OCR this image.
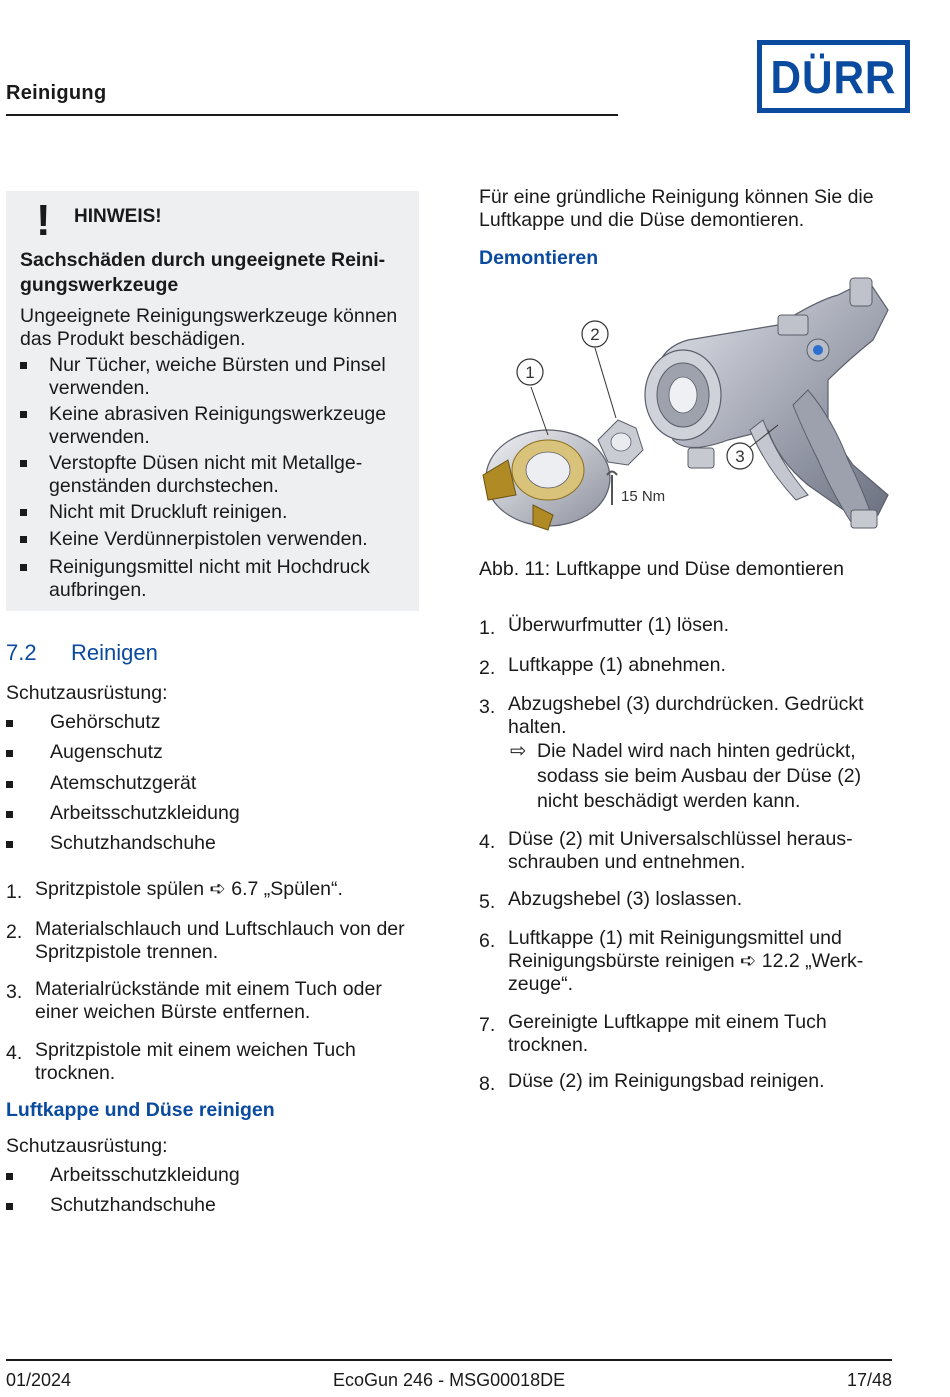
Reinigung	DÜRR
! HINWEIS!
Sachschäden durch ungeeignete Reinigungswerkzeuge
Ungeeignete Reinigungswerkzeuge können das Produkt beschädigen.
Nur Tücher, weiche Bürsten und Pinsel verwenden.
Keine abrasiven Reinigungswerkzeuge verwenden.
Verstopfte Düsen nicht mit Metallgegenständen durchstechen.
Nicht mit Druckluft reinigen.
Keine Verdünnerpistolen verwenden.
Reinigungsmittel nicht mit Hochdruck aufbringen.
7.2 Reinigen
Schutzausrüstung:
Gehörschutz
Augenschutz
Atemschutzgerät
Arbeitsschutzkleidung
Schutzhandschuhe
1. Spritzpistole spülen ➪ 6.7 „Spülen“.
2. Materialschlauch und Luftschlauch von der Spritzpistole trennen.
3. Materialrückstände mit einem Tuch oder einer weichen Bürste entfernen.
4. Spritzpistole mit einem weichen Tuch trocknen.
Luftkappe und Düse reinigen
Schutzausrüstung:
Arbeitsschutzkleidung
Schutzhandschuhe
Für eine gründliche Reinigung können Sie die Luftkappe und die Düse demontieren.
Demontieren
15 Nm
1
2
3
Abb. 11: Luftkappe und Düse demontieren
1. Überwurfmutter (1) lösen.
2. Luftkappe (1) abnehmen.
3. Abzugshebel (3) durchdrücken. Gedrückt halten.
⇨ Die Nadel wird nach hinten gedrückt, sodass sie beim Ausbau der Düse (2) nicht beschädigt werden kann.
4. Düse (2) mit Universalschlüssel herausschrauben und entnehmen.
5. Abzugshebel (3) loslassen.
6. Luftkappe (1) mit Reinigungsmittel und Reinigungsbürste reinigen ➪ 12.2 „Werkzeuge“.
7. Gereinigte Luftkappe mit einem Tuch trocknen.
8. Düse (2) im Reinigungsbad reinigen.
01/2024	EcoGun 246 - MSG00018DE	17/48
